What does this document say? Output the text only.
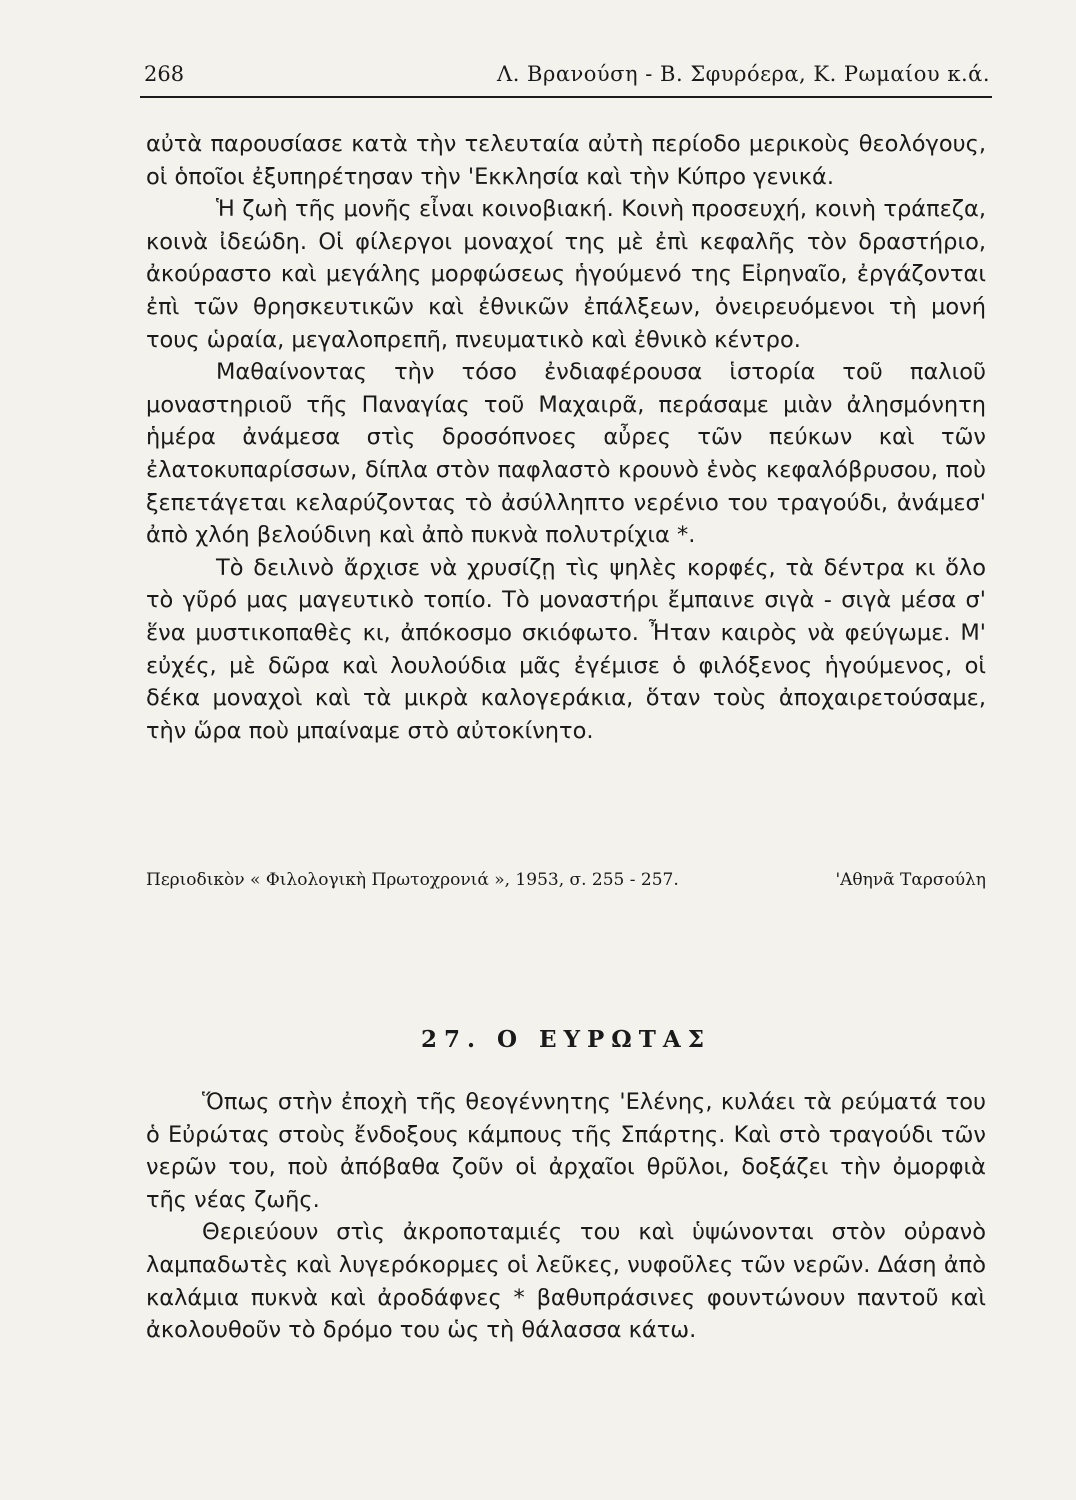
268	Λ. Βρανούση - Β. Σφυρόερα, Κ. Ρωμαίου κ.ά.

αὐτὰ παρουσίασε κατὰ τὴν τελευταία αὐτὴ περίοδο μερικοὺς θεολόγους, οἱ ὁποῖοι ἐξυπηρέτησαν τὴν 'Εκκλησία καὶ τὴν Κύπρο γενικά.

Ἡ ζωὴ τῆς μονῆς εἶναι κοινοβιακή. Κοινὴ προσευχή, κοινὴ τράπεζα, κοινὰ ἰδεώδη. Οἱ φίλεργοι μοναχοί της μὲ ἐπὶ κεφαλῆς τὸν δραστήριο, ἀκούραστο καὶ μεγάλης μορφώσεως ἡγούμενό της Εἰρηναῖο, ἐργάζονται ἐπὶ τῶν θρησκευτικῶν καὶ ἐθνικῶν ἐπάλξεων, ὀνειρευόμενοι τὴ μονή τους ὡραία, μεγαλοπρεπῆ, πνευματικὸ καὶ ἐθνικὸ κέντρο.

Μαθαίνοντας τὴν τόσο ἐνδιαφέρουσα ἱστορία τοῦ παλιοῦ μοναστηριοῦ τῆς Παναγίας τοῦ Μαχαιρᾶ, περάσαμε μιὰν ἀλησμόνητη ἡμέρα ἀνάμεσα στὶς δροσόπνοες αὖρες τῶν πεύκων καὶ τῶν ἐλατοκυπαρίσσων, δίπλα στὸν παφλαστὸ κρουνὸ ἑνὸς κεφαλόβρυσου, ποὺ ξεπετάγεται κελαρύζοντας τὸ ἀσύλληπτο νερένιο του τραγούδι, ἀνάμεσ' ἀπὸ χλόη βελούδινη καὶ ἀπὸ πυκνὰ πολυτρίχια *.

Τὸ δειλινὸ ἄρχισε νὰ χρυσίζῃ τὶς ψηλὲς κορφές, τὰ δέντρα κι ὅλο τὸ γῦρό μας μαγευτικὸ τοπίο. Τὸ μοναστήρι ἔμπαινε σιγὰ - σιγὰ μέσα σ' ἕνα μυστικοπαθὲς κι, ἀπόκοσμο σκιόφωτο. Ἦταν καιρὸς νὰ φεύγωμε. Μ' εὐχές, μὲ δῶρα καὶ λουλούδια μᾶς ἐγέμισε ὁ φιλόξενος ἡγούμενος, οἱ δέκα μοναχοὶ καὶ τὰ μικρὰ καλογεράκια, ὅταν τοὺς ἀποχαιρετούσαμε, τὴν ὥρα ποὺ μπαίναμε στὸ αὐτοκίνητο.

Περιοδικὸν « Φιλολογικὴ Πρωτοχρονιά », 1953, σ. 255 - 257.	'Αθηνᾶ Ταρσούλη
27. Ο ΕΥΡΩΤΑΣ

Ὅπως στὴν ἐποχὴ τῆς θεογέννητης 'Ελένης, κυλάει τὰ ρεύματά του ὁ Εὐρώτας στοὺς ἔνδοξους κάμπους τῆς Σπάρτης. Καὶ στὸ τραγούδι τῶν νερῶν του, ποὺ ἀπόβαθα ζοῦν οἱ ἀρχαῖοι θρῦλοι, δοξάζει τὴν ὀμορφιὰ τῆς νέας ζωῆς.

Θεριεύουν στὶς ἀκροποταμιές του καὶ ὑψώνονται στὸν οὐρανὸ λαμπαδωτὲς καὶ λυγερόκορμες οἱ λεῦκες, νυφοῦλες τῶν νερῶν. Δάση ἀπὸ καλάμια πυκνὰ καὶ ἀροδάφνες * βαθυπράσινες φουντώνουν παντοῦ καὶ ἀκολουθοῦν τὸ δρόμο του ὡς τὴ θάλασσα κάτω.
